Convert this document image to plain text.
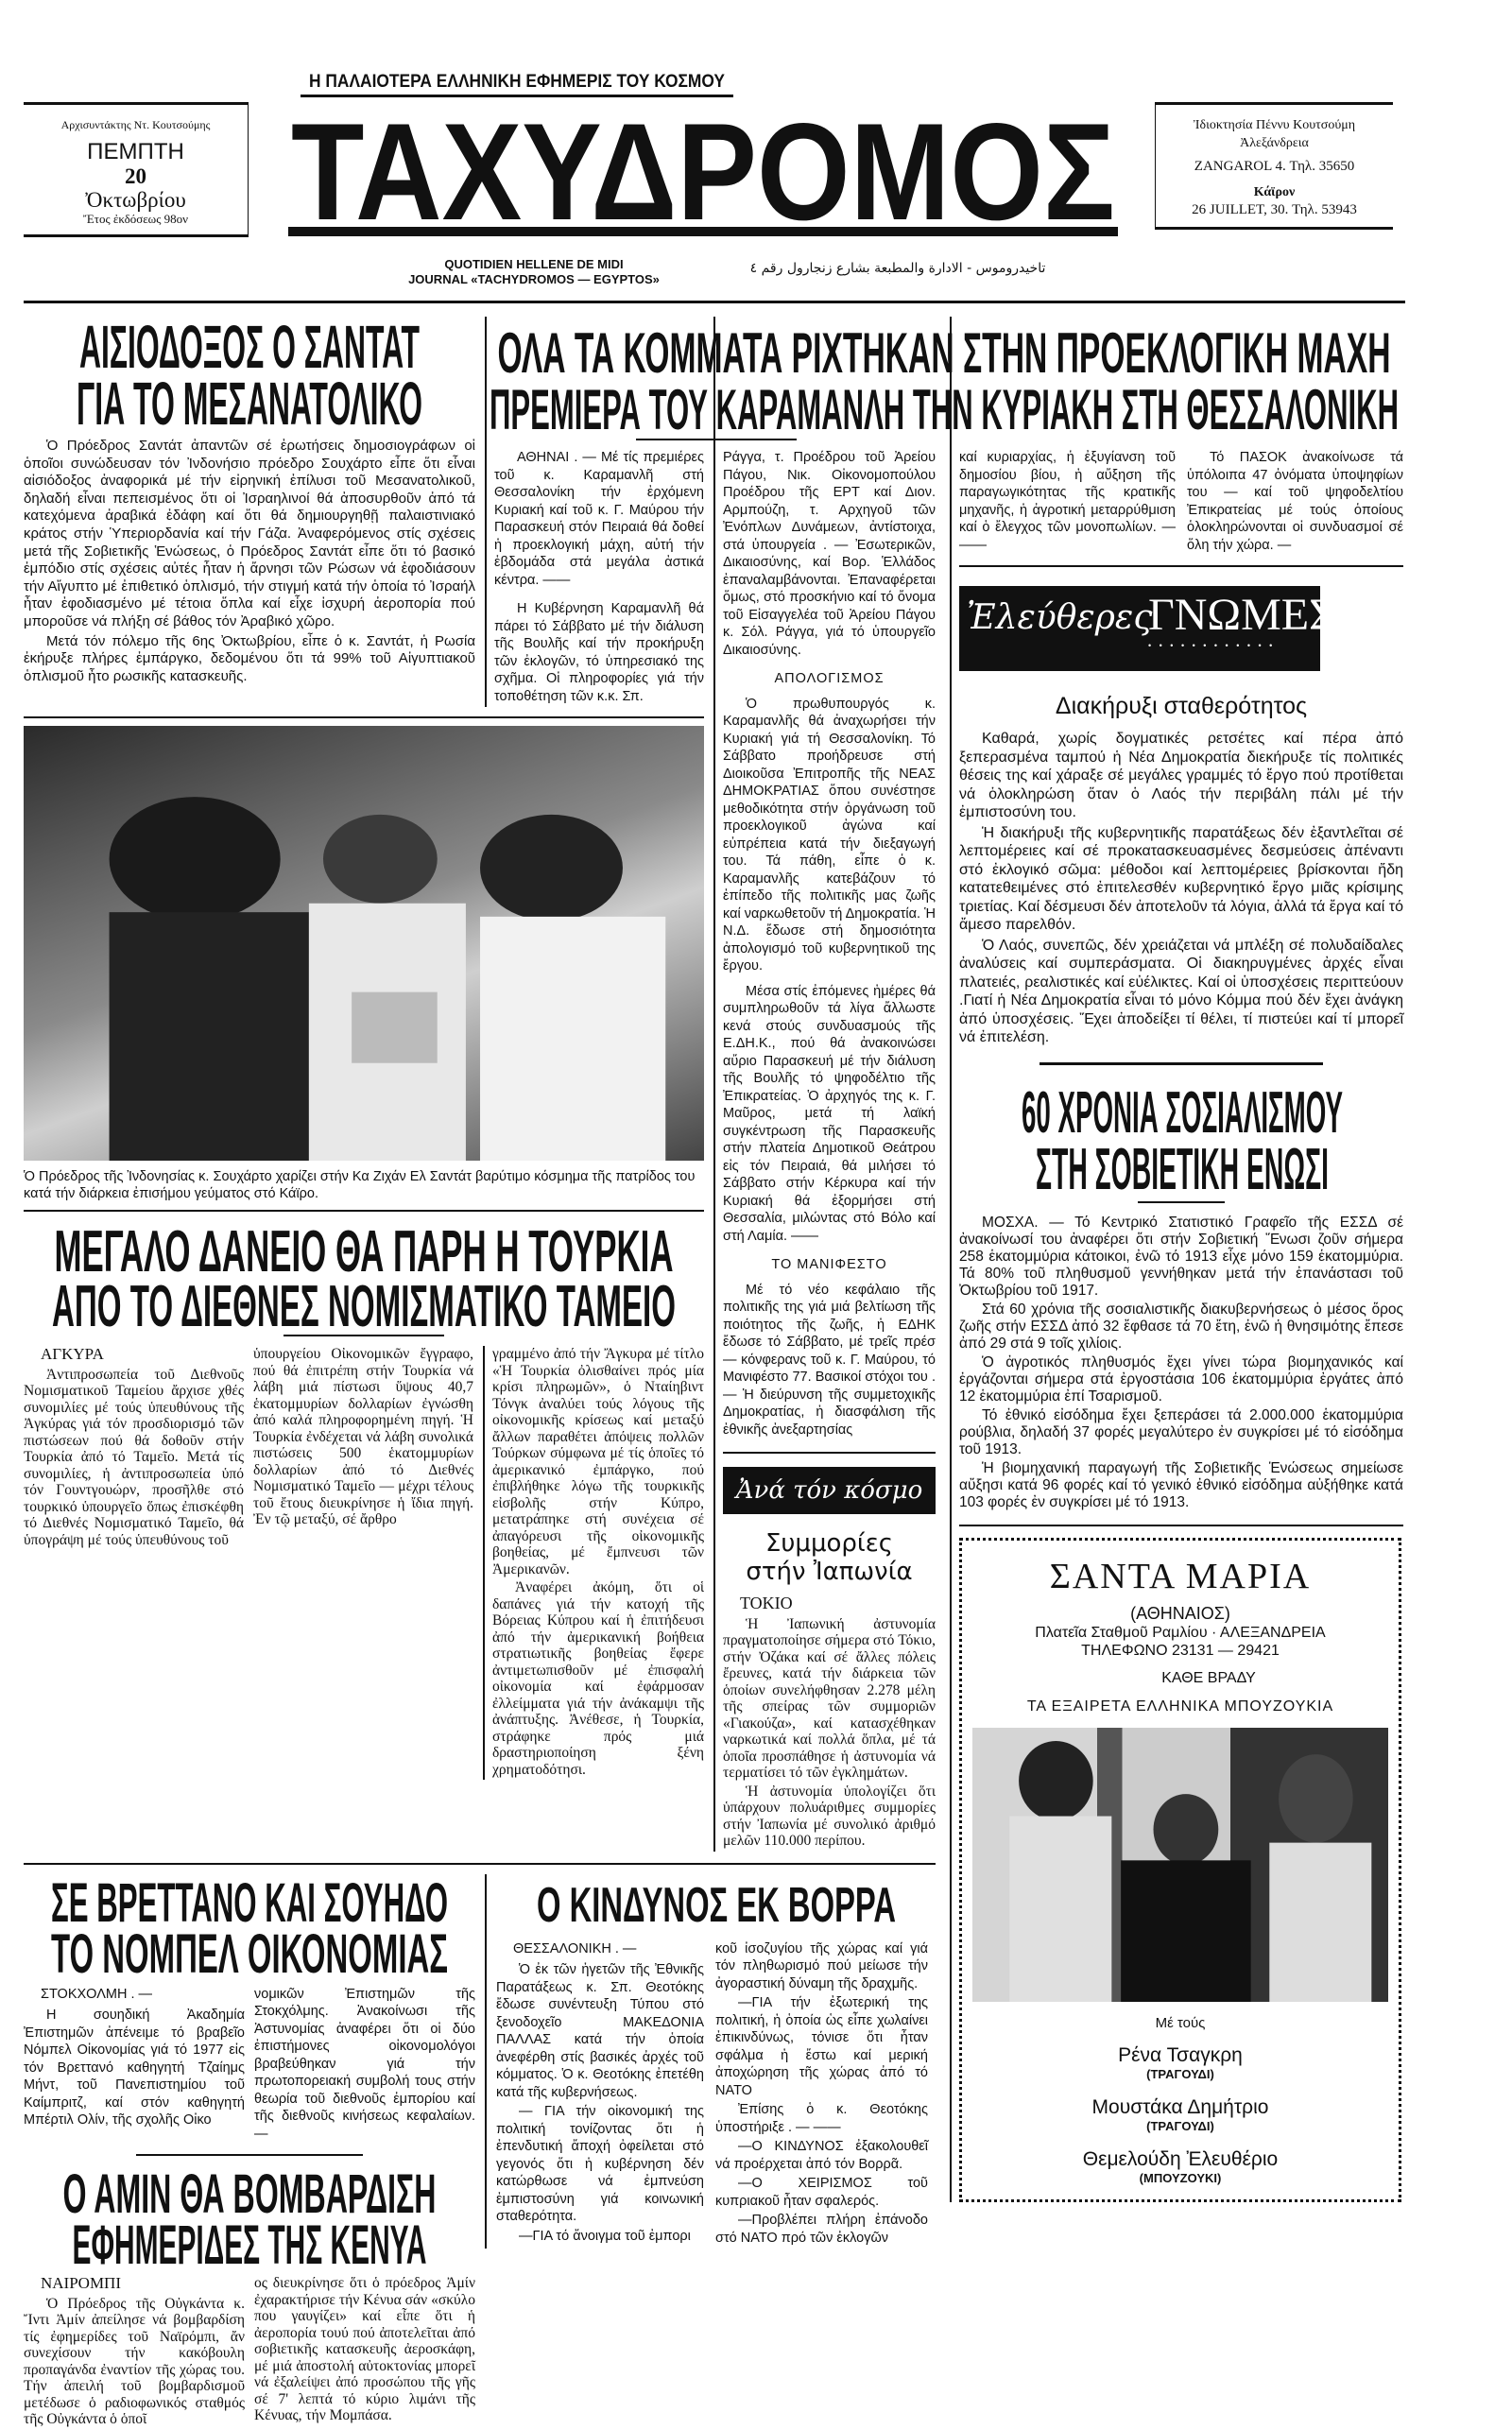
Η ΠΑΛΑΙΟΤΕΡΑ ΕΛΛΗΝΙΚΗ ΕΦΗΜΕΡΙΣ ΤΟΥ ΚΟΣΜΟΥ
Αρχισυντάκτης Ντ. Κουτσούμης
ΠΕΜΠΤΗ
20
Ὀκτωβρίου
Ἔτος ἐκδόσεως 98ον ΤΑΧΥΔΡΟΜΟΣ	Ἰδιοκτησία Πέννυ Κουτσούμη
Ἀλεξάνδρεια
ZANGAROL 4. Τηλ. 35650
Κάϊρον
26 JUILLET, 30. Τηλ. 53943
QUOTIDIEN HELLENE DE MIDI
JOURNAL «TACHYDROMOS — EGYPTOS»
تاخيدروموس - الادارة والمطبعة بشارع زنجارول رقم ٤
ΟΛΑ ΤΑ ΚΟΜΜΑΤΑ ΡΙΧΤΗΚΑΝ ΣΤΗΝ ΠΡΟΕΚΛΟΓΙΚΗ ΜΑΧΗ
ΠΡΕΜΙΕΡΑ ΤΟΥ ΚΑΡΑΜΑΝΛΗ ΤΗΝ ΚΥΡΙΑΚΗ ΣΤΗ ΘΕΣΣΑΛΟΝΙΚΗ
ΑΙΣΙΟΔΟΞΟΣ Ο ΣΑΝΤΑΤ
ΓΙΑ ΤΟ ΜΕΣΑΝΑΤΟΛΙΚΟ

Ὁ Πρόεδρος Σαντάτ ἀπαντῶν σέ ἐρωτήσεις δημοσιογράφων οἱ ὁποῖοι συνώδευσαν τόν Ἰνδονήσιο πρόεδρο Σουχάρτο εἶπε ὅτι εἶναι αἰσιόδοξος ἀναφορικά μέ τήν εἰρηνική ἐπίλυσι τοῦ Μεσανατολικοῦ, δηλαδή εἶναι πεπεισμένος ὅτι οἱ Ἰσραηλινοί θά ἀποσυρθοῦν ἀπό τά κατεχόμενα ἀραβικά ἐδάφη καί ὅτι θά δημιουργηθῇ παλαιστινιακό κράτος στήν Ὑπεριορδανία καί τήν Γάζα. Ἀναφερόμενος στίς σχέσεις μετά τῆς Σοβιετικῆς Ἑνώσεως, ὁ Πρόεδρος Σαντάτ εἶπε ὅτι τό βασικό ἐμπόδιο στίς σχέσεις αὐτές ἦταν ἡ ἄρνησι τῶν Ρώσων νά ἐφοδιάσουν τήν Αἴγυπτο μέ ἐπιθετικό ὁπλισμό, τήν στιγμή κατά τήν ὁποία τό Ἰσραήλ ἦταν ἐφοδιασμένο μέ τέτοια ὅπλα καί εἶχε ἰσχυρή ἀεροπορία πού μποροῦσε νά πλήξη σέ βάθος τόν Ἀραβικό χῶρο.

Μετά τόν πόλεμο τῆς 6ης Ὀκτωβρίου, εἶπε ὁ κ. Σαντάτ, ἡ Ρωσία ἐκήρυξε πλήρες ἐμπάργκο, δεδομένου ὅτι τά 99% τοῦ Αἰγυπτιακοῦ ὁπλισμοῦ ἦτο ρωσικῆς κατασκευῆς.

ΑΘΗΝΑΙ . — Μέ τίς πρεμιέρες τοῦ κ. Καραμανλῆ στή Θεσσαλονίκη τήν ἐρχόμενη Κυριακή καί τοῦ κ. Γ. Μαύρου τήν Παρασκευή στόν Πειραιά θά δοθεί ἡ προεκλογική μάχη, αὐτή τήν ἑβδομάδα στά μεγάλα ἀστικά κέντρα. ——

Η Κυβέρνηση Καραμανλῆ θά πάρει τό Σάββατο μέ τήν διάλυση τῆς Βουλῆς καί τήν προκήρυξη τῶν ἐκλογῶν, τό ὑπηρεσιακό της σχῆμα. Οἱ πληροφορίες γιά τήν τοποθέτηση τῶν κ.κ. Σπ.

Ὁ Πρόεδρος τῆς Ἰνδονησίας κ. Σουχάρτο χαρίζει στήν Κα Ζιχάν Ελ Σαντάτ βαρύτιμο κόσμημα τῆς πατρίδος του κατά τήν διάρκεια ἐπισήμου γεύματος στό Κάϊρο.
ΜΕΓΑΛΟ ΔΑΝΕΙΟ ΘΑ ΠΑΡΗ Η ΤΟΥΡΚΙΑ
ΑΠΟ ΤΟ ΔΙΕΘΝΕΣ ΝΟΜΙΣΜΑΤΙΚΟ ΤΑΜΕΙΟ
ΑΓΚΥΡΑ

Ἀντιπροσωπεία τοῦ Διεθνοῦς Νομισματικοῦ Ταμείου ἄρχισε χθές συνομιλίες μέ τούς ὑπευθύνους τῆς Ἀγκύρας γιά τόν προσδιορισμό τῶν πιστώσεων πού θά δοθοῦν στήν Τουρκία ἀπό τό Ταμεῖο. Μετά τίς συνομιλίες, ἡ ἀντιπροσωπεία ὑπό τόν Γουντγουώρν, προσῆλθε στό τουρκικό ὑπουργεῖο ὅπως ἐπισκέφθη τό Διεθνές Νομισματικό Ταμεῖο, θά ὑπογράψη μέ τούς ὑπευθύνους τοῦ

ὑπουργείου Οἰκονομικῶν ἔγγραφο, πού θά ἐπιτρέπη στήν Τουρκία νά λάβη μιά πίστωσι ὕψους 40,7 ἑκατομμυρίων δολλαρίων ἐγνώσθη ἀπό καλά πληροφορημένη πηγή. Ἡ Τουρκία ἐνδέχεται νά λάβη συνολικά πιστώσεις 500 ἑκατομμυρίων δολλαρίων ἀπό τό Διεθνές Νομισματικό Ταμεῖο — μέχρι τέλους τοῦ ἔτους διευκρίνησε ἡ ἴδια πηγή. Ἐν τῷ μεταξύ, σέ ἄρθρο

γραμμένο ἀπό τήν Ἄγκυρα μέ τίτλο «Ἡ Τουρκία ὀλισθαίνει πρός μία κρίσι πληρωμῶν», ὁ Νταίηβιντ Τόνγκ ἀναλύει τούς λόγους τῆς οἰκονομικῆς κρίσεως καί μεταξύ ἄλλων παραθέτει ἀπόψεις πολλῶν Τούρκων σύμφωνα μέ τίς ὁποῖες τό ἀμερικανικό ἐμπάργκο, πού ἐπιβλήθηκε λόγω τῆς τουρκικῆς εἰσβολῆς στήν Κύπρο, μετατράπηκε στή συνέχεια σέ ἀπαγόρευσι τῆς οἰκονομικῆς βοηθείας, μέ ἔμπνευσι τῶν Ἀμερικανῶν.

Ἀναφέρει ἀκόμη, ὅτι οἱ δαπάνες γιά τήν κατοχή τῆς Βόρειας Κύπρου καί ἡ ἐπιτήδευσι ἀπό τήν ἀμερικανική βοήθεια στρατιωτικῆς βοηθείας ἔφερε ἀντιμετωπισθοῦν μέ ἐπισφαλή οἰκονομία καί ἐφάρμοσαν ἐλλείμματα γιά τήν ἀνάκαμψι τῆς ἀνάπτυξης. Ἀνέθεσε, ἡ Τουρκία, στράφηκε πρός μιά δραστηριοποίηση ξένη χρηματοδότησι.

Ράγγα, τ. Προέδρου τοῦ Ἀρείου Πάγου, Νικ. Οἰκονομοπούλου Προέδρου τῆς ΕΡΤ καί Διον. Αρμπούζη, τ. Αρχηγοῦ τῶν Ἐνόπλων Δυνάμεων, ἀντίστοιχα, στά ὑπουργεία . — Ἐσωτερικῶν, Δικαιοσύνης, καί Βορ. Ἑλλάδος ἐπαναλαμβάνονται. Ἐπαναφέρεται ὅμως, στό προσκήνιο καί τό ὄνομα τοῦ Εἰσαγγελέα τοῦ Ἀρείου Πάγου κ. Σόλ. Ράγγα, γιά τό ὑπουργεῖο Δικαιοσύνης.

ΑΠΟΛΟΓΙΣΜΟΣ

Ὁ πρωθυπουργός κ. Καραμανλῆς θά ἀναχωρήσει τήν Κυριακή γιά τή Θεσσαλονίκη. Τό Σάββατο προήδρευσε στή Διοικοῦσα Ἐπιτροπῆς τῆς ΝΕΑΣ ΔΗΜΟΚΡΑΤΙΑΣ ὅπου συνέστησε μεθοδικότητα στήν ὀργάνωση τοῦ προεκλογικοῦ ἀγώνα καί εὐπρέπεια κατά τήν διεξαγωγή του. Τά πάθη, εἶπε ὁ κ. Καραμανλῆς κατεβάζουν τό ἐπίπεδο τῆς πολιτικῆς μας ζωῆς καί ναρκωθετοῦν τή Δημοκρατία. Ἡ Ν.Δ. ἔδωσε στή δημοσιότητα ἀπολογισμό τοῦ κυβερνητικοῦ της ἔργου.

Μέσα στίς ἐπόμενες ἡμέρες θά συμπληρωθοῦν τά λίγα ἄλλωστε κενά στούς συνδυασμούς τῆς Ε.ΔΗ.Κ., πού θά ἀνακοινώσει αὔριο Παρασκευή μέ τήν διάλυση τῆς Βουλῆς τό ψηφοδέλτιο τῆς Ἐπικρατείας. Ὁ ἀρχηγός της κ. Γ. Μαῦρος, μετά τή λαϊκή συγκέντρωση τῆς Παρασκευῆς στήν πλατεία Δημοτικοῦ Θεάτρου εἰς τόν Πειραιά, θά μιλήσει τό Σάββατο στήν Κέρκυρα καί τήν Κυριακή θά ἐξορμήσει στή Θεσσαλία, μιλώντας στό Βόλο καί στή Λαμία. ——

ΤΟ ΜΑΝΙΦΕΣΤΟ

Μέ τό νέο κεφάλαιο τῆς πολιτικῆς της γιά μιά βελτίωση τῆς ποιότητος τῆς ζωῆς, ἡ ΕΔΗΚ ἔδωσε τό Σάββατο, μέ τρεῖς πρέσ — κόνφερανς τοῦ κ. Γ. Μαύρου, τό Μανιφέστο 77. Βασικοί στόχοι του . — Ἡ διεύρυνση τῆς συμμετοχικῆς Δημοκρατίας, ἡ διασφάλιση τῆς ἐθνικῆς ἀνεξαρτησίας

Ἀνά τόν κόσμο
Συμμορίες
στήν Ἰαπωνία
ΤΟΚΙΟ

Ἡ Ἰαπωνική ἀστυνομία πραγματοποίησε σήμερα στό Τόκιο, στήν Ὀζάκα καί σέ ἄλλες πόλεις ἔρευνες, κατά τήν διάρκεια τῶν ὁποίων συνελήφθησαν 2.278 μέλη τῆς σπείρας τῶν συμμοριῶν «Γιακούζα», καί κατασχέθηκαν ναρκωτικά καί πολλά ὅπλα, μέ τά ὁποῖα προσπάθησε ἡ ἀστυνομία νά τερματίσει τό τῶν ἐγκλημάτων.

Ἡ ἀστυνομία ὑπολογίζει ὅτι ὑπάρχουν πολυάριθμες συμμορίες στήν Ἰαπωνία μέ συνολικό ἀριθμό μελῶν 110.000 περίπου.

ΣΕ ΒΡΕΤΤΑΝΟ ΚΑΙ ΣΟΥΗΔΟ
ΤΟ ΝΟΜΠΕΛ ΟΙΚΟΝΟΜΙΑΣ
ΣΤΟΚΧΟΛΜΗ . —

Η σουηδική Ἀκαδημία Ἐπιστημῶν ἀπένειμε τό βραβεῖο Νόμπελ Οἰκονομίας γιά τό 1977 εἰς τόν Βρεττανό καθηγητή Τζαίημς Μήντ, τοῦ Πανεπιστημίου τοῦ Καίμπριτζ, καί στόν καθηγητή Μπέρτιλ Ολίν, τῆς σχολῆς Οἰκο

νομικῶν Ἐπιστημῶν τῆς Στοκχόλμης. Ἀνακοίνωσι τῆς Ἀστυνομίας ἀναφέρει ὅτι οἱ δύο ἐπιστήμονες οἰκονομολόγοι βραβεύθηκαν γιά τήν πρωτοπορειακή συμβολή τους στήν θεωρία τοῦ διεθνοῦς ἐμπορίου καί τῆς διεθνοῦς κινήσεως κεφαλαίων. —

Ο ΑΜΙΝ ΘΑ ΒΟΜΒΑΡΔΙΣΗ
ΕΦΗΜΕΡΙΔΕΣ ΤΗΣ ΚΕΝΥΑ
ΝΑΙΡΟΜΠΙ

Ὁ Πρόεδρος τῆς Οὐγκάντα κ. Ἴντι Ἀμίν ἀπείλησε νά βομβαρδίση τίς ἐφημερίδες τοῦ Ναϊρόμπι, ἄν συνεχίσουν τήν κακόβουλη προπαγάνδα ἐναντίον τῆς χώρας του. Τήν ἀπειλή τοῦ βομβαρδισμοῦ μετέδωσε ὁ ραδιοφωνικός σταθμός τῆς Οὐγκάντα ὁ ὁποῖ

ος διευκρίνησε ὅτι ὁ πρόεδρος Ἀμίν ἐχαρακτήρισε τήν Κένυα σάν «σκύλο που γαυγίζει» καί εἶπε ὅτι ἡ ἀεροπορία τουύ πού ἀποτελεῖται ἀπό σοβιετικῆς κατασκευῆς ἀεροσκάφη, μέ μιά ἀποστολή αὐτοκτονίας μπορεῖ νά ἐξαλείψει ἀπό προσώπου τῆς γῆς σέ 7' λεπτά τό κύριο λιμάνι τῆς Κένυας, τήν Μομπάσα.

Ο ΚΙΝΔΥΝΟΣ ΕΚ ΒΟΡΡΑ
ΘΕΣΣΑΛΟΝΙΚΗ . —

Ὁ ἐκ τῶν ἡγετῶν τῆς Ἐθνικῆς Παρατάξεως κ. Σπ. Θεοτόκης ἔδωσε συνέντευξη Τύπου στό ξενοδοχεῖο ΜΑΚΕΔΟΝΙΑ ΠΑΛΛΑΣ κατά τήν ὁποία ἀνεφέρθη στίς βασικές ἀρχές τοῦ κόμματος. Ὁ κ. Θεοτόκης ἐπετέθη κατά τῆς κυβερνήσεως.

— ΓΙΑ τήν οἰκονομική της πολιτική τονίζοντας ὅτι ἡ ἐπενδυτική ἄποχή ὀφείλεται στό γεγονός ὅτι ἡ κυβέρνηση δέν κατώρθωσε νά ἐμπνεύση ἐμπιστοσύνη γιά κοινωνική σταθερότητα.

—ΓΙΑ τό ἄνοιγμα τοῦ ἐμπορι

κοῦ ἰσοζυγίου τῆς χώρας καί γιά τόν πληθωρισμό πού μείωσε τήν ἀγοραστική δύναμη τῆς δραχμῆς.

—ΓΙΑ τήν ἐξωτερική της πολιτική, ἡ ὁποία ὡς εἶπε χωλαίνει ἐπικινδύνως, τόνισε ὅτι ἦταν σφάλμα ἡ ἔστω καί μερική ἀποχώρηση τῆς χώρας ἀπό τό ΝΑΤΟ

Ἐπίσης ὁ κ. Θεοτόκης ὑποστήριξε . — ——

—Ο ΚΙΝΔΥΝΟΣ ἐξακολουθεῖ νά προέρχεται ἀπό τόν Βορρᾶ.

—Ο ΧΕΙΡΙΣΜΟΣ τοῦ κυπριακοῦ ἦταν σφαλερός.

—Προβλέπει πλήρη ἐπάνοδο στό ΝΑΤΟ πρό τῶν ἐκλογῶν

καί κυριαρχίας, ἡ ἐξυγίανση τοῦ δημοσίου βίου, ἡ αὔξηση τῆς παραγωγικότητας τῆς κρατικῆς μηχανῆς, ἡ ἀγροτική μεταρρύθμιση καί ὁ ἔλεγχος τῶν μονοπωλίων. — ——

Τό ΠΑΣΟΚ ἀνακοίνωσε τά ὑπόλοιπα 47 ὀνόματα ὑποψηφίων του — καί τοῦ ψηφοδελτίου Ἐπικρατείας μέ τούς ὁποίους ὁλοκληρώνονται οἱ συνδυασμοί σέ ὅλη τήν χώρα. —

Ἐλεύθερες
• • • • • • • • • • • •
ΓΝΩΜΕΣ
Διακήρυξι σταθερότητος

Καθαρά, χωρίς δογματικές ρετσέτες καί πέρα ἀπό ξεπερασμένα ταμπού ἡ Νέα Δημοκρατία διεκήρυξε τίς πολιτικές θέσεις της καί χάραξε σέ μεγάλες γραμμές τό ἔργο πού προτίθεται νά ὁλοκληρώση ὅταν ὁ Λαός τήν περιβάλη πάλι μέ τήν ἐμπιστοσύνη του.

Ἡ διακήρυξι τῆς κυβερνητικῆς παρατάξεως δέν ἐξαντλεῖται σέ λεπτομέρειες καί σέ προκατασκευασμένες δεσμεύσεις ἀπέναντι στό ἐκλογικό σῶμα: μέθοδοι καί λεπτομέρειες βρίσκονται ἤδη κατατεθειμένες στό ἐπιτελεσθέν κυβερνητικό ἔργο μιᾶς κρίσιμης τριετίας. Καί δέσμευσι δέν ἀποτελοῦν τά λόγια, ἀλλά τά ἔργα καί τό ἄμεσο παρελθόν.

Ὁ Λαός, συνεπῶς, δέν χρειάζεται νά μπλέξη σέ πολυδαίδαλες ἀναλύσεις καί συμπεράσματα. Οἱ διακηρυγμένες ἀρχές εἶναι πλατειές, ρεαλιστικές καί εὐέλικτες. Καί οἱ ὑποσχέσεις περιττεύουν .Γιατί ἡ Νέα Δημοκρατία εἶναι τό μόνο Κόμμα πού δέν ἔχει ἀνάγκη ἀπό ὑποσχέσεις. Ἔχει ἀποδείξει τί θέλει, τί πιστεύει καί τί μπορεῖ νά ἐπιτελέση.

60 ΧΡΟΝΙΑ ΣΟΣΙΑΛΙΣΜΟΥ
ΣΤΗ ΣΟΒΙΕΤΙΚΗ ΕΝΩΣΙ

ΜΟΣΧΑ. — Τό Κεντρικό Στατιστικό Γραφεῖο τῆς ΕΣΣΔ σέ ἀνακοίνωσί του ἀναφέρει ὅτι στήν Σοβιετική Ἕνωσι ζοῦν σήμερα 258 ἑκατομμύρια κάτοικοι, ἐνῶ τό 1913 εἶχε μόνο 159 ἑκατομμύρια. Τά 80% τοῦ πληθυσμοῦ γεννήθηκαν μετά τήν ἐπανάστασι τοῦ Ὀκτωβρίου τοῦ 1917.

Στά 60 χρόνια τῆς σοσιαλιστικῆς διακυβερνήσεως ὁ μέσος ὅρος ζωῆς στήν ΕΣΣΔ ἀπό 32 ἔφθασε τά 70 ἔτη, ἐνῶ ἡ θνησιμότης ἔπεσε ἀπό 29 στά 9 τοῖς χιλίοις.

Ὁ ἀγροτικός πληθυσμός ἔχει γίνει τώρα βιομηχανικός καί ἐργάζονται σήμερα στά ἐργοστάσια 106 ἑκατομμύρια ἐργάτες ἀπό 12 ἑκατομμύρια ἐπί Τσαρισμοῦ.

Τό ἐθνικό εἰσόδημα ἔχει ξεπεράσει τά 2.000.000 ἑκατομμύρια ρούβλια, δηλαδή 37 φορές μεγαλύτερο ἐν συγκρίσει μέ τό εἰσόδημα τοῦ 1913.

Ἡ βιομηχανική παραγωγή τῆς Σοβιετικῆς Ἑνώσεως σημείωσε αὔξησι κατά 96 φορές καί τό γενικό ἐθνικό εἰσόδημα αὐξήθηκε κατά 103 φορές ἐν συγκρίσει μέ τό 1913.

ΣΑΝΤΑ ΜΑΡΙΑ
(ΑΘΗΝΑΙΟΣ)
Πλατεῖα Σταθμοῦ Ραμλίου · ΑΛΕΞΑΝΔΡΕΙΑ
ΤΗΛΕΦΩΝΟ 23131 — 29421
ΚΑΘΕ ΒΡΑΔΥ
ΤΑ ΕΞΑΙΡΕΤΑ ΕΛΛΗΝΙΚΑ ΜΠΟΥΖΟΥΚΙΑ
Μέ τούς
Ρένα Τσαγκρη
(ΤΡΑΓΟΥΔΙ)
Μουστάκα Δημήτριο
(ΤΡΑΓΟΥΔΙ)
Θεμελούδη Ἐλευθέριο
(ΜΠΟΥΖΟΥΚΙ)
